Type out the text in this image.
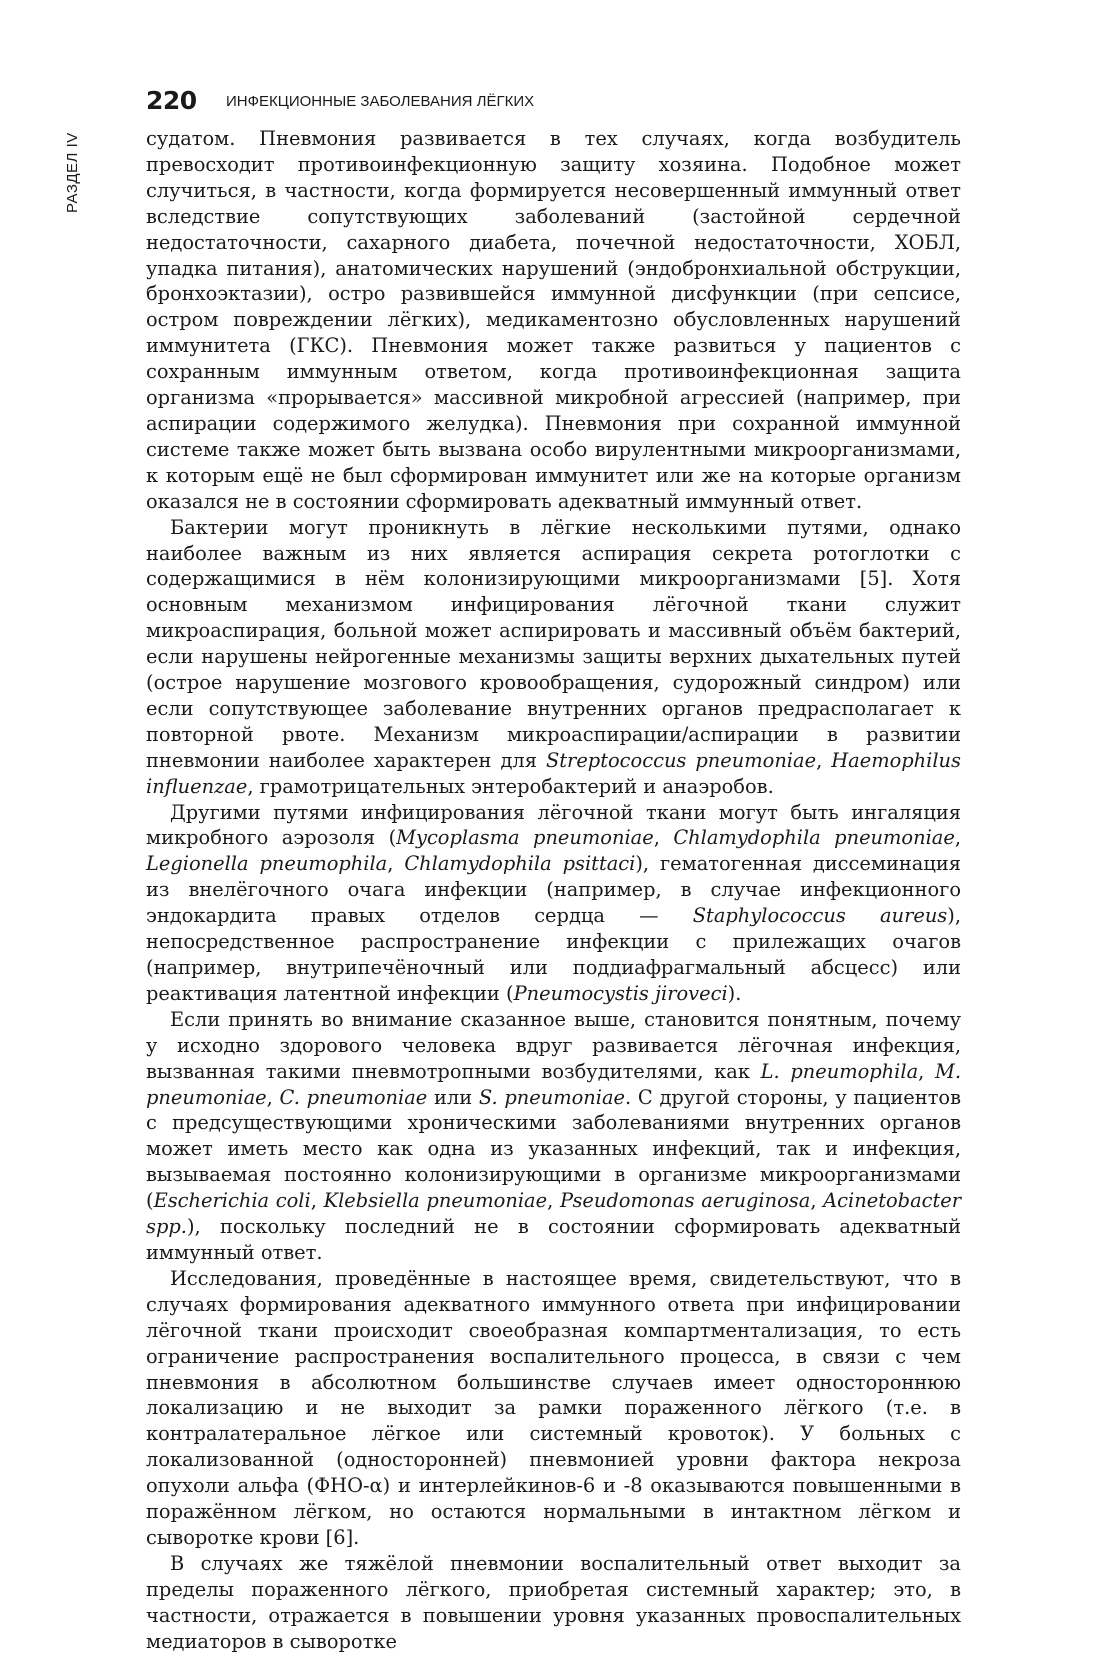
220 ИНФЕКЦИОННЫЕ ЗАБОЛЕВАНИЯ ЛЁГКИХ
РАЗДЕЛ IV	судатом. Пневмония развивается в тех случаях, когда возбудитель превосходит противоинфекционную защиту хозяина. Подобное может случиться, в частности, когда формируется несовершенный иммунный ответ вследствие сопутствующих заболеваний (застойной сердечной недостаточности, сахарного диабета, почечной недостаточности, ХОБЛ, упадка питания), анатомических нарушений (эндобронхиальной обструкции, бронхоэктазии), остро развившейся иммунной дисфункции (при сепсисе, остром повреждении лёгких), медикаментозно обусловленных нарушений иммунитета (ГКС). Пневмония может также развиться у пациентов с сохранным иммунным ответом, когда противоинфекционная защита организма «прорывается» массивной микробной агрессией (например, при аспирации содержимого желудка). Пневмония при сохранной иммунной системе также может быть вызвана особо вирулентными микроорганизмами, к которым ещё не был сформирован иммунитет или же на которые организм оказался не в состоянии сформировать адекватный иммунный ответ.

Бактерии могут проникнуть в лёгкие несколькими путями, однако наиболее важным из них является аспирация секрета ротоглотки с содержащимися в нём колонизирующими микроорганизмами [5]. Хотя основным механизмом инфицирования лёгочной ткани служит микроаспирация, больной может аспирировать и массивный объём бактерий, если нарушены нейрогенные механизмы защиты верхних дыхательных путей (острое нарушение мозгового кровообращения, судорожный синдром) или если сопутствующее заболевание внутренних органов предрасполагает к повторной рвоте. Механизм микроаспирации/аспирации в развитии пневмонии наиболее характерен для Streptococcus pneumoniae, Haemophilus influenzae, грамотрицательных энтеробактерий и анаэробов.

Другими путями инфицирования лёгочной ткани могут быть ингаляция микробного аэрозоля (Mycoplasma pneumoniae, Chlamydophila pneumoniae, Legionella pneumophila, Chlamydophila psittaci), гематогенная диссеминация из внелёгочного очага инфекции (например, в случае инфекционного эндокардита правых отделов сердца — Staphylococcus aureus), непосредственное распространение инфекции с прилежащих очагов (например, внутрипечёночный или поддиафрагмальный абсцесс) или реактивация латентной инфекции (Pneumocystis jiroveci).

Если принять во внимание сказанное выше, становится понятным, почему у исходно здорового человека вдруг развивается лёгочная инфекция, вызванная такими пневмотропными возбудителями, как L. pneumophila, M. pneumoniae, C. pneumoniae или S. pneumoniae. С другой стороны, у пациентов с предсуществующими хроническими заболеваниями внутренних органов может иметь место как одна из указанных инфекций, так и инфекция, вызываемая постоянно колонизирующими в организме микроорганизмами (Escherichia coli, Klebsiella pneumoniae, Pseudomonas aeruginosa, Acinetobacter spp.), поскольку последний не в состоянии сформировать адекватный иммунный ответ.

Исследования, проведённые в настоящее время, свидетельствуют, что в случаях формирования адекватного иммунного ответа при инфицировании лёгочной ткани происходит своеобразная компартментализация, то есть ограничение распространения воспалительного процесса, в связи с чем пневмония в абсолютном большинстве случаев имеет одностороннюю локализацию и не выходит за рамки пораженного лёгкого (т.е. в контралатеральное лёгкое или системный кровоток). У больных с локализованной (односторонней) пневмонией уровни фактора некроза опухоли альфа (ФНО-α) и интерлейкинов-6 и -8 оказываются повышенными в поражённом лёгком, но остаются нормальными в интактном лёгком и сыворотке крови [6].

В случаях же тяжёлой пневмонии воспалительный ответ выходит за пределы пораженного лёгкого, приобретая системный характер; это, в частности, отражается в повышении уровня указанных провоспалительных медиаторов в сыворотке
